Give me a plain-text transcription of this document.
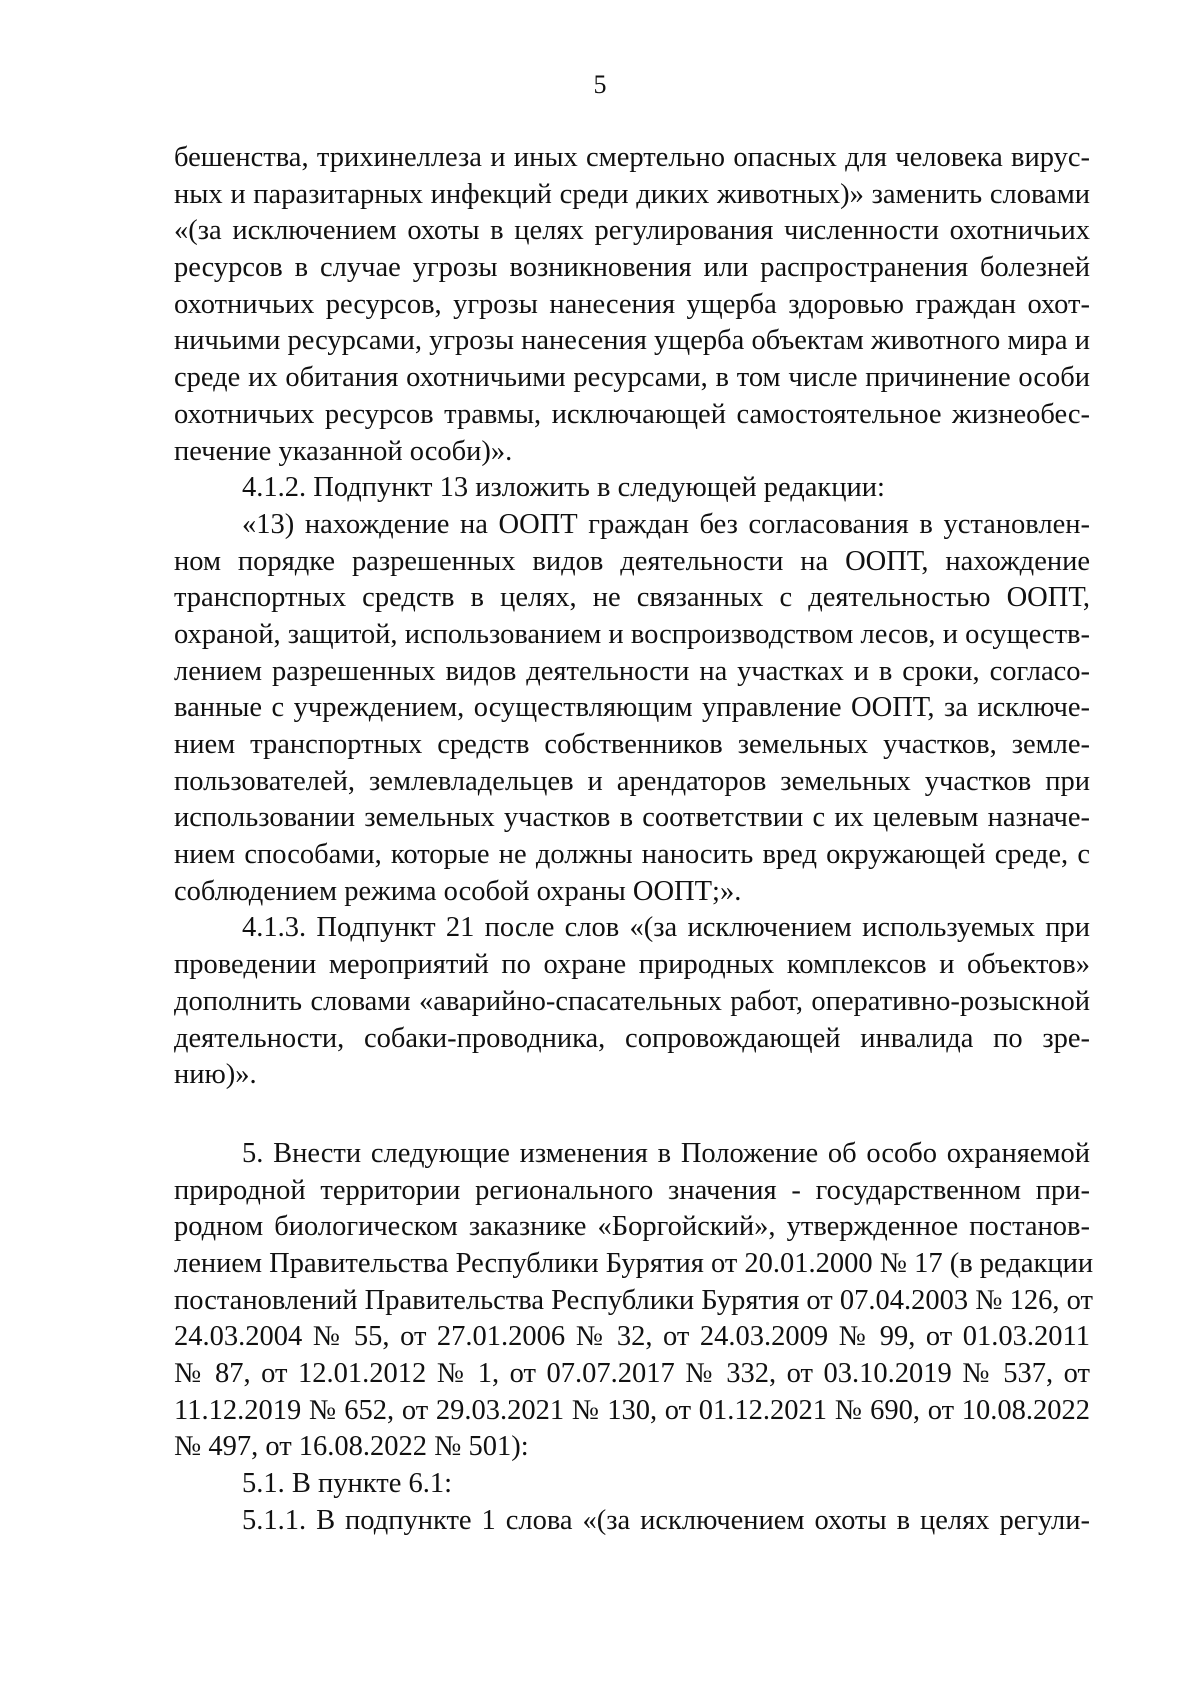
5
бешенства, трихинеллеза и иных смертельно опасных для человека вирус-
ных и паразитарных инфекций среди диких животных)» заменить словами
«(за исключением охоты в целях регулирования численности охотничьих
ресурсов в случае угрозы возникновения или распространения болезней
охотничьих ресурсов, угрозы нанесения ущерба здоровью граждан охот-
ничьими ресурсами, угрозы нанесения ущерба объектам животного мира и
среде их обитания охотничьими ресурсами, в том числе причинение особи
охотничьих ресурсов травмы, исключающей самостоятельное жизнеобес-
печение указанной особи)».
4.1.2. Подпункт 13 изложить в следующей редакции:
«13) нахождение на ООПТ граждан без согласования в установлен-
ном порядке разрешенных видов деятельности на ООПТ, нахождение
транспортных средств в целях, не связанных с деятельностью ООПТ,
охраной, защитой, использованием и воспроизводством лесов, и осуществ-
лением разрешенных видов деятельности на участках и в сроки, согласо-
ванные с учреждением, осуществляющим управление ООПТ, за исключе-
нием транспортных средств собственников земельных участков, земле-
пользователей, землевладельцев и арендаторов земельных участков при
использовании земельных участков в соответствии с их целевым назначе-
нием способами, которые не должны наносить вред окружающей среде, с
соблюдением режима особой охраны ООПТ;».
4.1.3. Подпункт 21 после слов «(за исключением используемых при
проведении мероприятий по охране природных комплексов и объектов»
дополнить словами «аварийно-спасательных работ, оперативно-розыскной
деятельности, собаки-проводника, сопровождающей инвалида по зре-
нию)».
5. Внести следующие изменения в Положение об особо охраняемой
природной территории регионального значения - государственном при-
родном биологическом заказнике «Боргойский», утвержденное постанов-
лением Правительства Республики Бурятия от 20.01.2000 № 17 (в редакции
постановлений Правительства Республики Бурятия от 07.04.2003 № 126, от
24.03.2004 № 55, от 27.01.2006 № 32, от 24.03.2009 № 99, от 01.03.2011
№ 87, от 12.01.2012 № 1, от 07.07.2017 № 332, от 03.10.2019 № 537, от
11.12.2019 № 652, от 29.03.2021 № 130, от 01.12.2021 № 690, от 10.08.2022
№ 497, от 16.08.2022 № 501):
5.1. В пункте 6.1:
5.1.1. В подпункте 1 слова «(за исключением охоты в целях регули-
